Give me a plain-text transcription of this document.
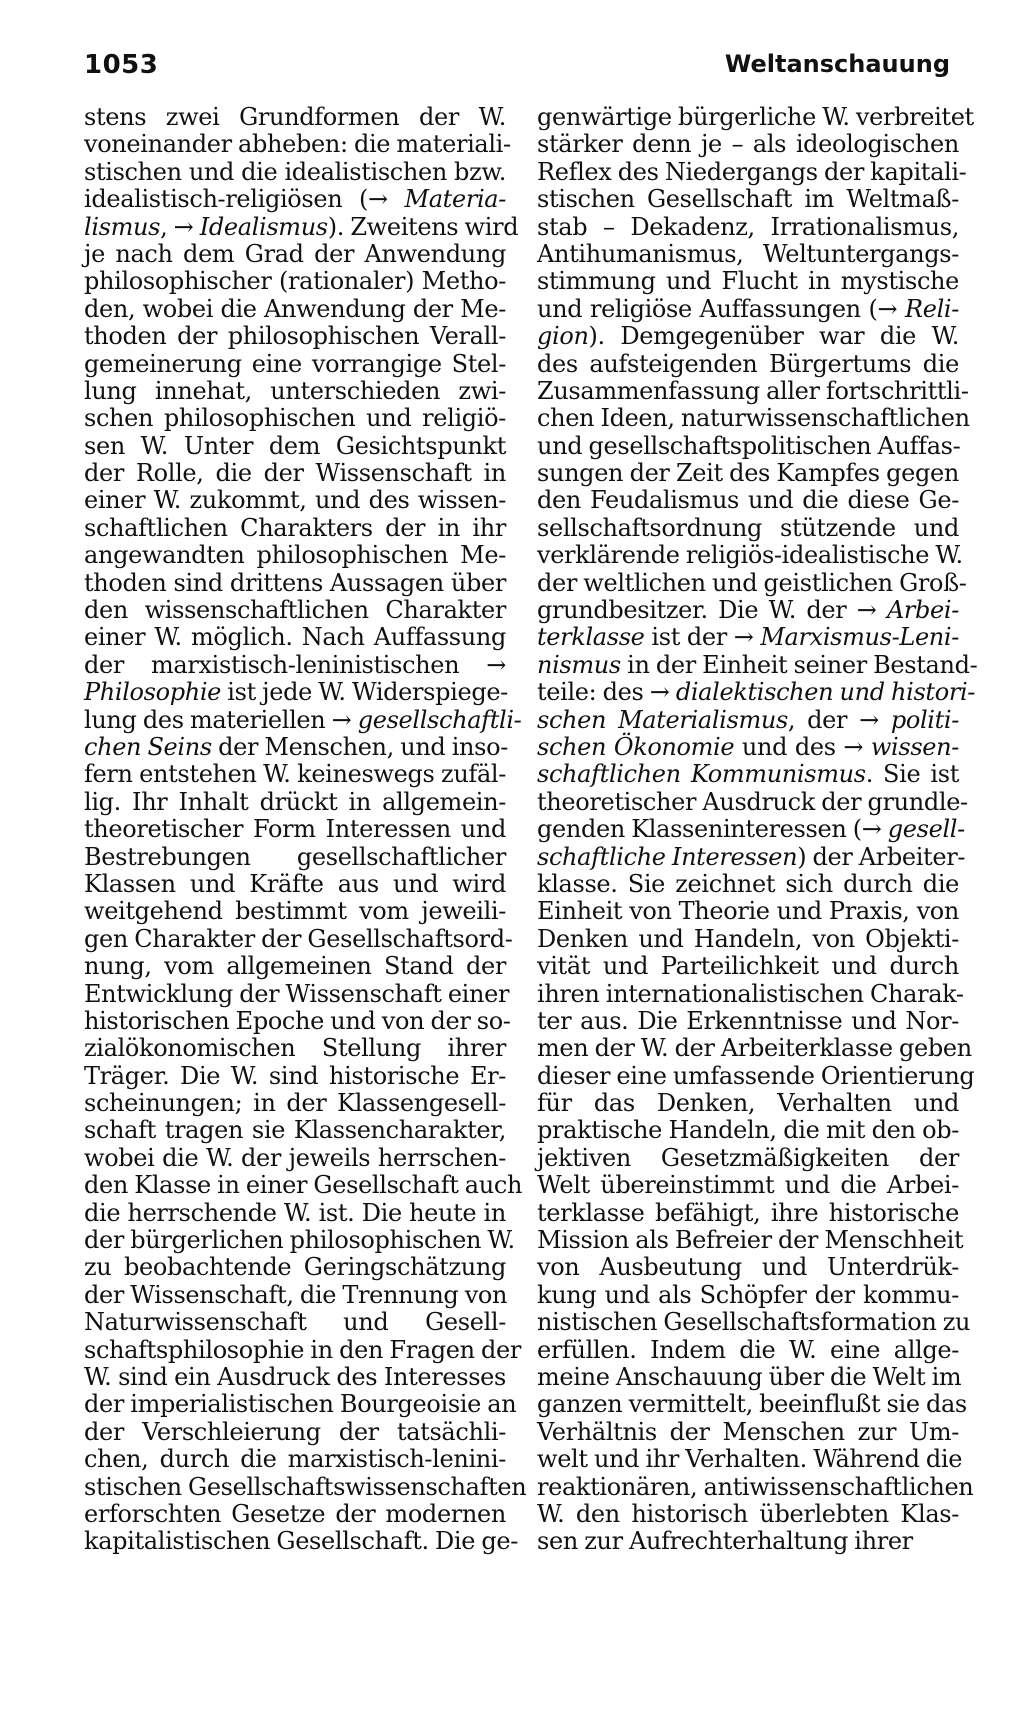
1053	Weltanschauung
stens zwei Grundformen der W.
voneinander abheben: die materiali-
stischen und die idealistischen bzw.
idealistisch-religiösen (→ Materia-
lismus, → Idealismus). Zweitens wird
je nach dem Grad der Anwendung
philosophischer (rationaler) Metho-
den, wobei die Anwendung der Me-
thoden der philosophischen Verall-
gemeinerung eine vorrangige Stel-
lung innehat, unterschieden zwi-
schen philosophischen und religiö-
sen W. Unter dem Gesichtspunkt
der Rolle, die der Wissenschaft in
einer W. zukommt, und des wissen-
schaftlichen Charakters der in ihr
angewandten philosophischen Me-
thoden sind drittens Aussagen über
den wissenschaftlichen Charakter
einer W. möglich. Nach Auffassung
der marxistisch-leninistischen →
Philosophie ist jede W. Widerspiege-
lung des materiellen → gesellschaftli-
chen Seins der Menschen, und inso-
fern entstehen W. keineswegs zufäl-
lig. Ihr Inhalt drückt in allgemein-
theoretischer Form Interessen und
Bestrebungen gesellschaftlicher
Klassen und Kräfte aus und wird
weitgehend bestimmt vom jeweili-
gen Charakter der Gesellschaftsord-
nung, vom allgemeinen Stand der
Entwicklung der Wissenschaft einer
historischen Epoche und von der so-
zialökonomischen Stellung ihrer
Träger. Die W. sind historische Er-
scheinungen; in der Klassengesell-
schaft tragen sie Klassencharakter,
wobei die W. der jeweils herrschen-
den Klasse in einer Gesellschaft auch
die herrschende W. ist. Die heute in
der bürgerlichen philosophischen W.
zu beobachtende Geringschätzung
der Wissenschaft, die Trennung von
Naturwissenschaft und Gesell-
schaftsphilosophie in den Fragen der
W. sind ein Ausdruck des Interesses
der imperialistischen Bourgeoisie an
der Verschleierung der tatsächli-
chen, durch die marxistisch-lenini-
stischen Gesellschaftswissenschaften
erforschten Gesetze der modernen
kapitalistischen Gesellschaft. Die ge-
genwärtige bürgerliche W. verbreitet
stärker denn je – als ideologischen
Reflex des Niedergangs der kapitali-
stischen Gesellschaft im Weltmaß-
stab – Dekadenz, Irrationalismus,
Antihumanismus, Weltuntergangs-
stimmung und Flucht in mystische
und religiöse Auffassungen (→ Reli-
gion). Demgegenüber war die W.
des aufsteigenden Bürgertums die
Zusammenfassung aller fortschrittli-
chen Ideen, naturwissenschaftlichen
und gesellschaftspolitischen Auffas-
sungen der Zeit des Kampfes gegen
den Feudalismus und die diese Ge-
sellschaftsordnung stützende und
verklärende religiös-idealistische W.
der weltlichen und geistlichen Groß-
grundbesitzer. Die W. der → Arbei-
terklasse ist der → Marxismus-Leni-
nismus in der Einheit seiner Bestand-
teile: des → dialektischen und histori-
schen Materialismus, der → politi-
schen Ökonomie und des → wissen-
schaftlichen Kommunismus. Sie ist
theoretischer Ausdruck der grundle-
genden Klasseninteressen (→ gesell-
schaftliche Interessen) der Arbeiter-
klasse. Sie zeichnet sich durch die
Einheit von Theorie und Praxis, von
Denken und Handeln, von Objekti-
vität und Parteilichkeit und durch
ihren internationalistischen Charak-
ter aus. Die Erkenntnisse und Nor-
men der W. der Arbeiterklasse geben
dieser eine umfassende Orientierung
für das Denken, Verhalten und
praktische Handeln, die mit den ob-
jektiven Gesetzmäßigkeiten der
Welt übereinstimmt und die Arbei-
terklasse befähigt, ihre historische
Mission als Befreier der Menschheit
von Ausbeutung und Unterdrük-
kung und als Schöpfer der kommu-
nistischen Gesellschaftsformation zu
erfüllen. Indem die W. eine allge-
meine Anschauung über die Welt im
ganzen vermittelt, beeinflußt sie das
Verhältnis der Menschen zur Um-
welt und ihr Verhalten. Während die
reaktionären, antiwissenschaftlichen
W. den historisch überlebten Klas-
sen zur Aufrechterhaltung ihrer
